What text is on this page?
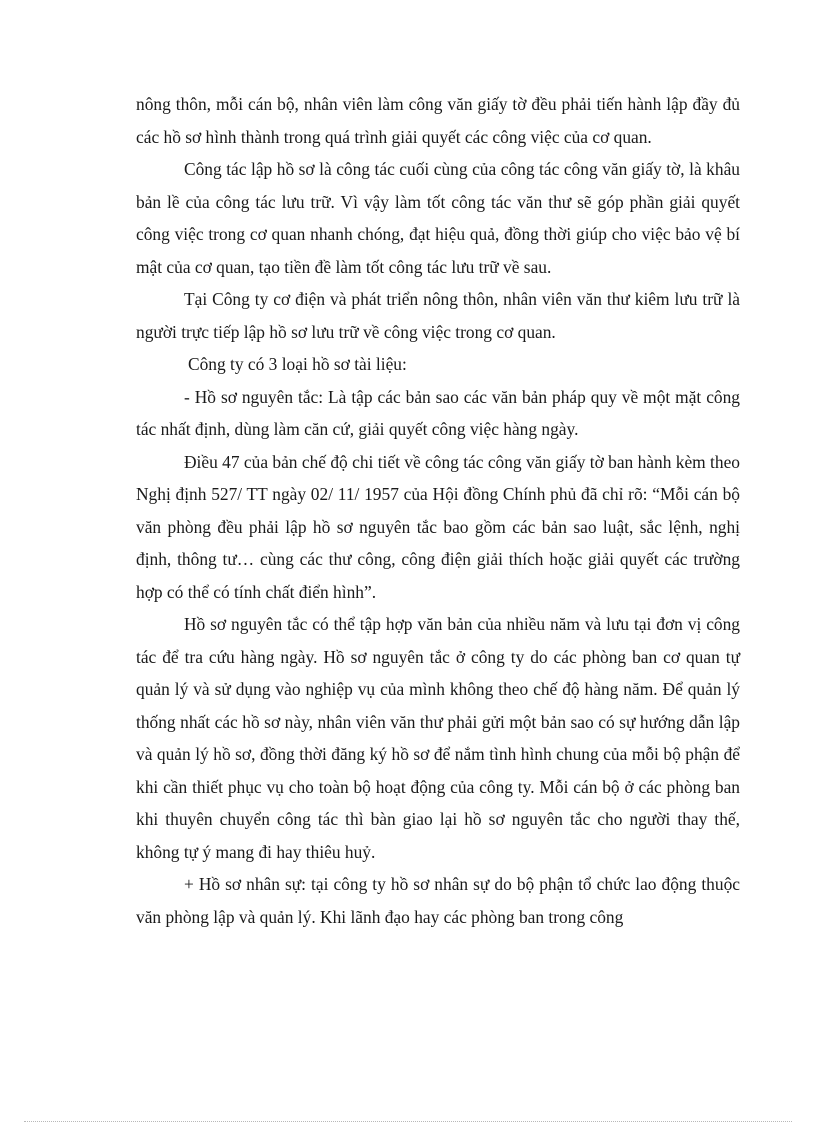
nông thôn, mỗi cán bộ, nhân viên làm công văn giấy tờ đều phải tiến hành lập đầy đủ các hồ sơ hình thành trong quá trình giải quyết các công việc của cơ quan.

Công tác lập hồ sơ là công tác cuối cùng của công tác công văn giấy tờ, là khâu bản lề của công tác lưu trữ. Vì vậy làm tốt công tác văn thư sẽ góp phần giải quyết công việc trong cơ quan nhanh chóng, đạt hiệu quả, đồng thời giúp cho việc bảo vệ bí mật của cơ quan, tạo tiền đề làm tốt công tác lưu trữ về sau.

Tại Công ty cơ điện và phát triển nông thôn, nhân viên văn thư kiêm lưu trữ là người trực tiếp lập hồ sơ lưu trữ về công việc trong cơ quan.

Công ty có 3 loại hồ sơ tài liệu:

- Hồ sơ nguyên tắc: Là tập các bản sao các văn bản pháp quy về một mặt công tác nhất định, dùng làm căn cứ, giải quyết công việc hàng ngày.

Điều 47 của bản chế độ chi tiết về công tác công văn giấy tờ ban hành kèm theo Nghị định 527/ TT ngày 02/ 11/ 1957 của Hội đồng Chính phủ đã chỉ rõ: “Mỗi cán bộ văn phòng đều phải lập hồ sơ nguyên tắc bao gồm các bản sao luật, sắc lệnh, nghị định, thông tư… cùng các thư công, công điện giải thích hoặc giải quyết các trường hợp có thể có tính chất điển hình”.

Hồ sơ nguyên tắc có thể tập hợp văn bản của nhiều năm và lưu tại đơn vị công tác để tra cứu hàng ngày. Hồ sơ nguyên tắc ở công ty do các phòng ban cơ quan tự quản lý và sử dụng vào nghiệp vụ của mình không theo chế độ hàng năm. Để quản lý thống nhất các hồ sơ này, nhân viên văn thư phải gửi một bản sao có sự hướng dẫn lập và quản lý hồ sơ, đồng thời đăng ký hồ sơ để nắm tình hình chung của mỗi bộ phận để khi cần thiết phục vụ cho toàn bộ hoạt động của công ty. Mỗi cán bộ ở các phòng ban khi thuyên chuyển công tác thì bàn giao lại hồ sơ nguyên tắc cho người thay thế, không tự ý mang đi hay thiêu huỷ.

+ Hồ sơ nhân sự: tại công ty hồ sơ nhân sự do bộ phận tổ chức lao động thuộc văn phòng lập và quản lý. Khi lãnh đạo hay các phòng ban trong công
